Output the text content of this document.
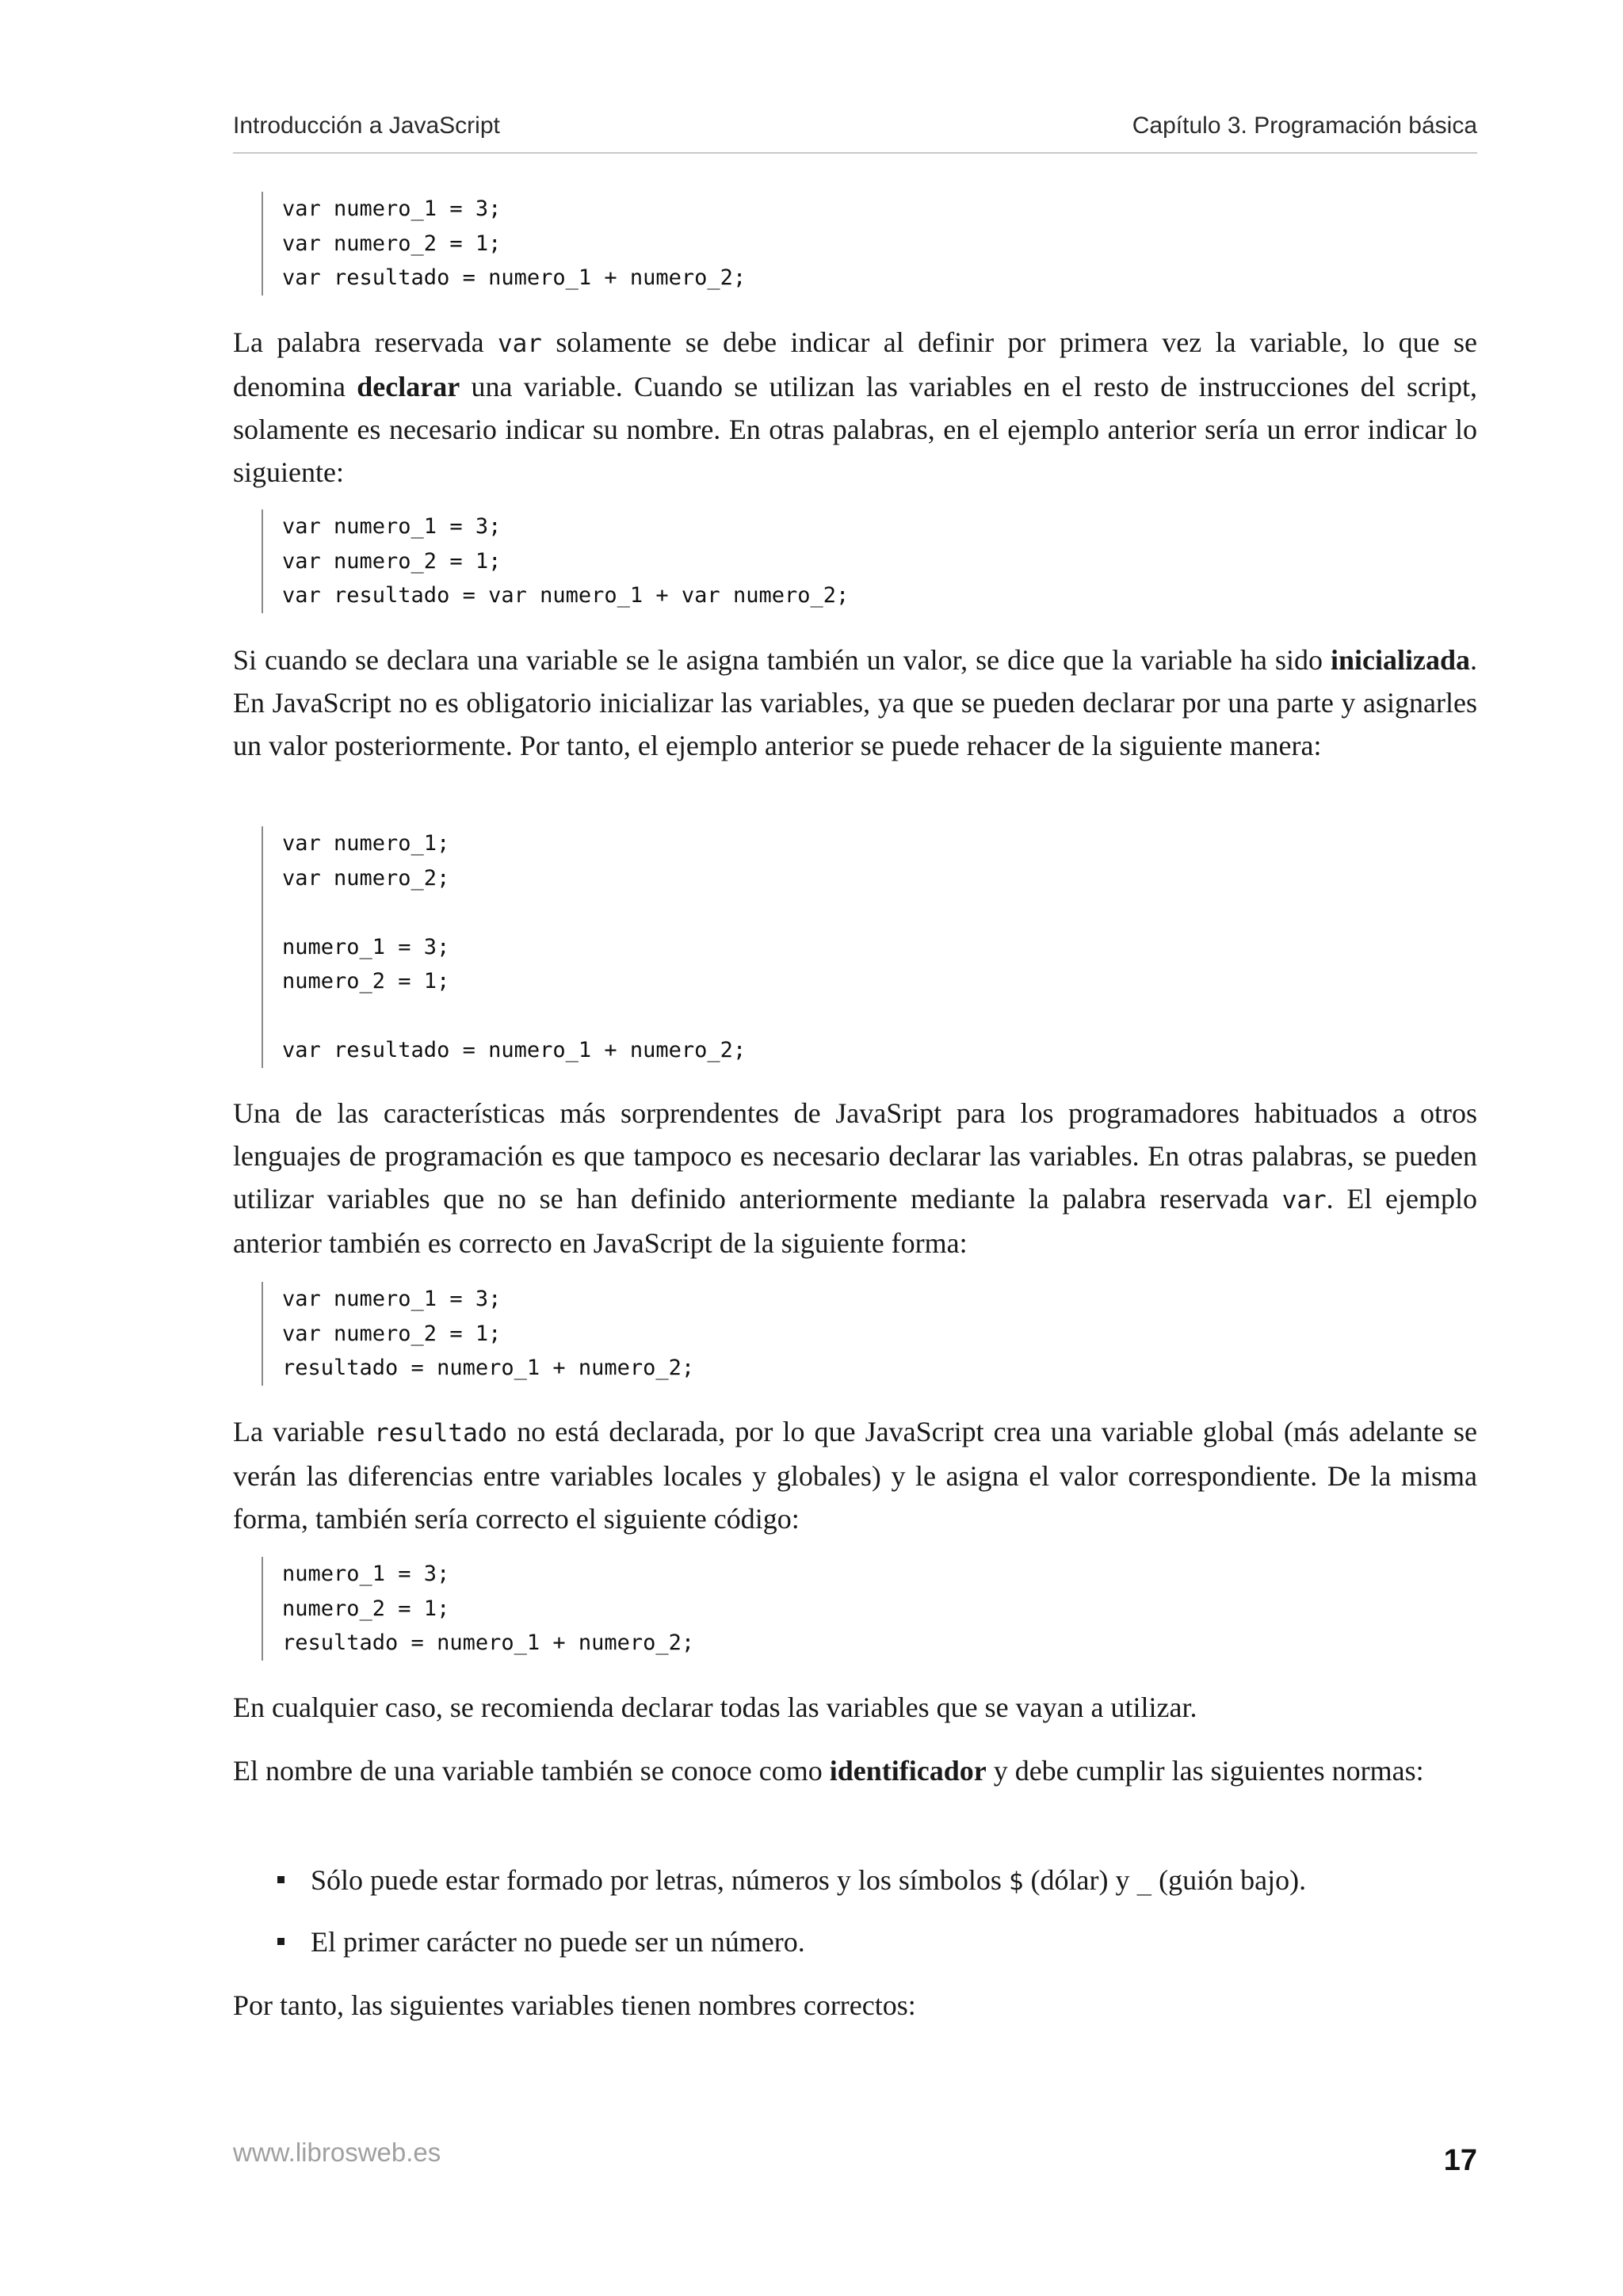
Introducción a JavaScript	Capítulo 3. Programación básica
var numero_1 = 3;
var numero_2 = 1;
var resultado = numero_1 + numero_2;
La palabra reservada var solamente se debe indicar al definir por primera vez la variable, lo que se denomina declarar una variable. Cuando se utilizan las variables en el resto de instrucciones del script, solamente es necesario indicar su nombre. En otras palabras, en el ejemplo anterior sería un error indicar lo siguiente:
var numero_1 = 3;
var numero_2 = 1;
var resultado = var numero_1 + var numero_2;
Si cuando se declara una variable se le asigna también un valor, se dice que la variable ha sido inicializada. En JavaScript no es obligatorio inicializar las variables, ya que se pueden declarar por una parte y asignarles un valor posteriormente. Por tanto, el ejemplo anterior se puede rehacer de la siguiente manera:
var numero_1;
var numero_2;
numero_1 = 3;
numero_2 = 1;
var resultado = numero_1 + numero_2;
Una de las características más sorprendentes de JavaSript para los programadores habituados a otros lenguajes de programación es que tampoco es necesario declarar las variables. En otras palabras, se pueden utilizar variables que no se han definido anteriormente mediante la palabra reservada var. El ejemplo anterior también es correcto en JavaScript de la siguiente forma:
var numero_1 = 3;
var numero_2 = 1;
resultado = numero_1 + numero_2;
La variable resultado no está declarada, por lo que JavaScript crea una variable global (más adelante se verán las diferencias entre variables locales y globales) y le asigna el valor correspondiente. De la misma forma, también sería correcto el siguiente código:
numero_1 = 3;
numero_2 = 1;
resultado = numero_1 + numero_2;
En cualquier caso, se recomienda declarar todas las variables que se vayan a utilizar.
El nombre de una variable también se conoce como identificador y debe cumplir las siguientes normas:
Sólo puede estar formado por letras, números y los símbolos $ (dólar) y _ (guión bajo).
El primer carácter no puede ser un número.
Por tanto, las siguientes variables tienen nombres correctos:
www.librosweb.es	17
